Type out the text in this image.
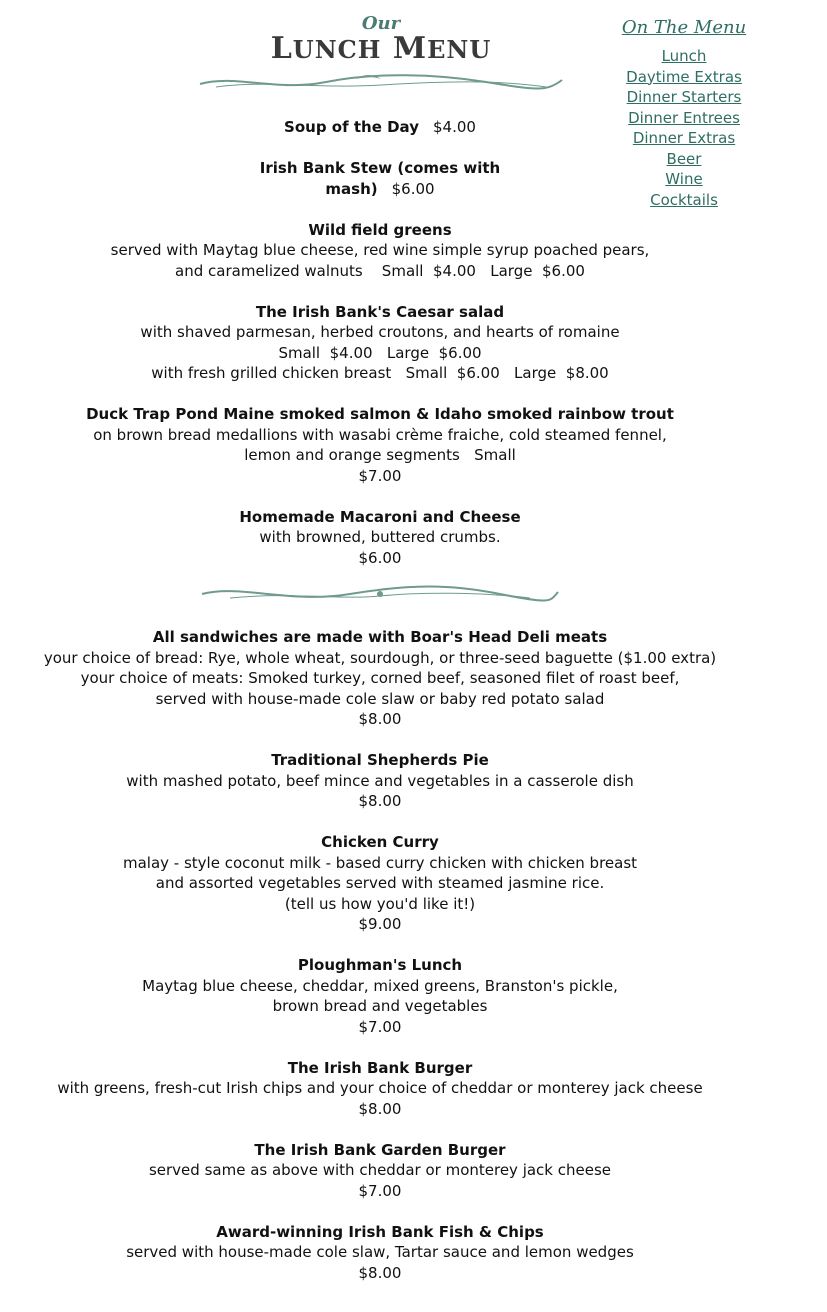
Our
LUNCH MENU
On The Menu
Lunch
Daytime Extras
Dinner Starters
Dinner Entrees
Dinner Extras
Beer
Wine
Cocktails
Soup of the Day $4.00
Irish Bank Stew (comes with
mash) $6.00
Wild field greens
served with Maytag blue cheese, red wine simple syrup poached pears,
and caramelized walnuts    Small  $4.00   Large  $6.00
The Irish Bank's Caesar salad
with shaved parmesan, herbed croutons, and hearts of romaine
Small  $4.00   Large  $6.00
with fresh grilled chicken breast   Small  $6.00   Large  $8.00
Duck Trap Pond Maine smoked salmon & Idaho smoked rainbow trout
on brown bread medallions with wasabi crème fraiche, cold steamed fennel,
lemon and orange segments   Small
$7.00
Homemade Macaroni and Cheese
with browned, buttered crumbs.
$6.00
All sandwiches are made with Boar's Head Deli meats
your choice of bread: Rye, whole wheat, sourdough, or three-seed baguette ($1.00 extra)
your choice of meats: Smoked turkey, corned beef, seasoned filet of roast beef,
served with house-made cole slaw or baby red potato salad
$8.00
Traditional Shepherds Pie
with mashed potato, beef mince and vegetables in a casserole dish
$8.00
Chicken Curry
malay - style coconut milk - based curry chicken with chicken breast
and assorted vegetables served with steamed jasmine rice.
(tell us how you'd like it!)
$9.00
Ploughman's Lunch
Maytag blue cheese, cheddar, mixed greens, Branston's pickle,
brown bread and vegetables
$7.00
The Irish Bank Burger
with greens, fresh-cut Irish chips and your choice of cheddar or monterey jack cheese
$8.00
The Irish Bank Garden Burger
served same as above with cheddar or monterey jack cheese
$7.00
Award-winning Irish Bank Fish & Chips
served with house-made cole slaw, Tartar sauce and lemon wedges
$8.00
